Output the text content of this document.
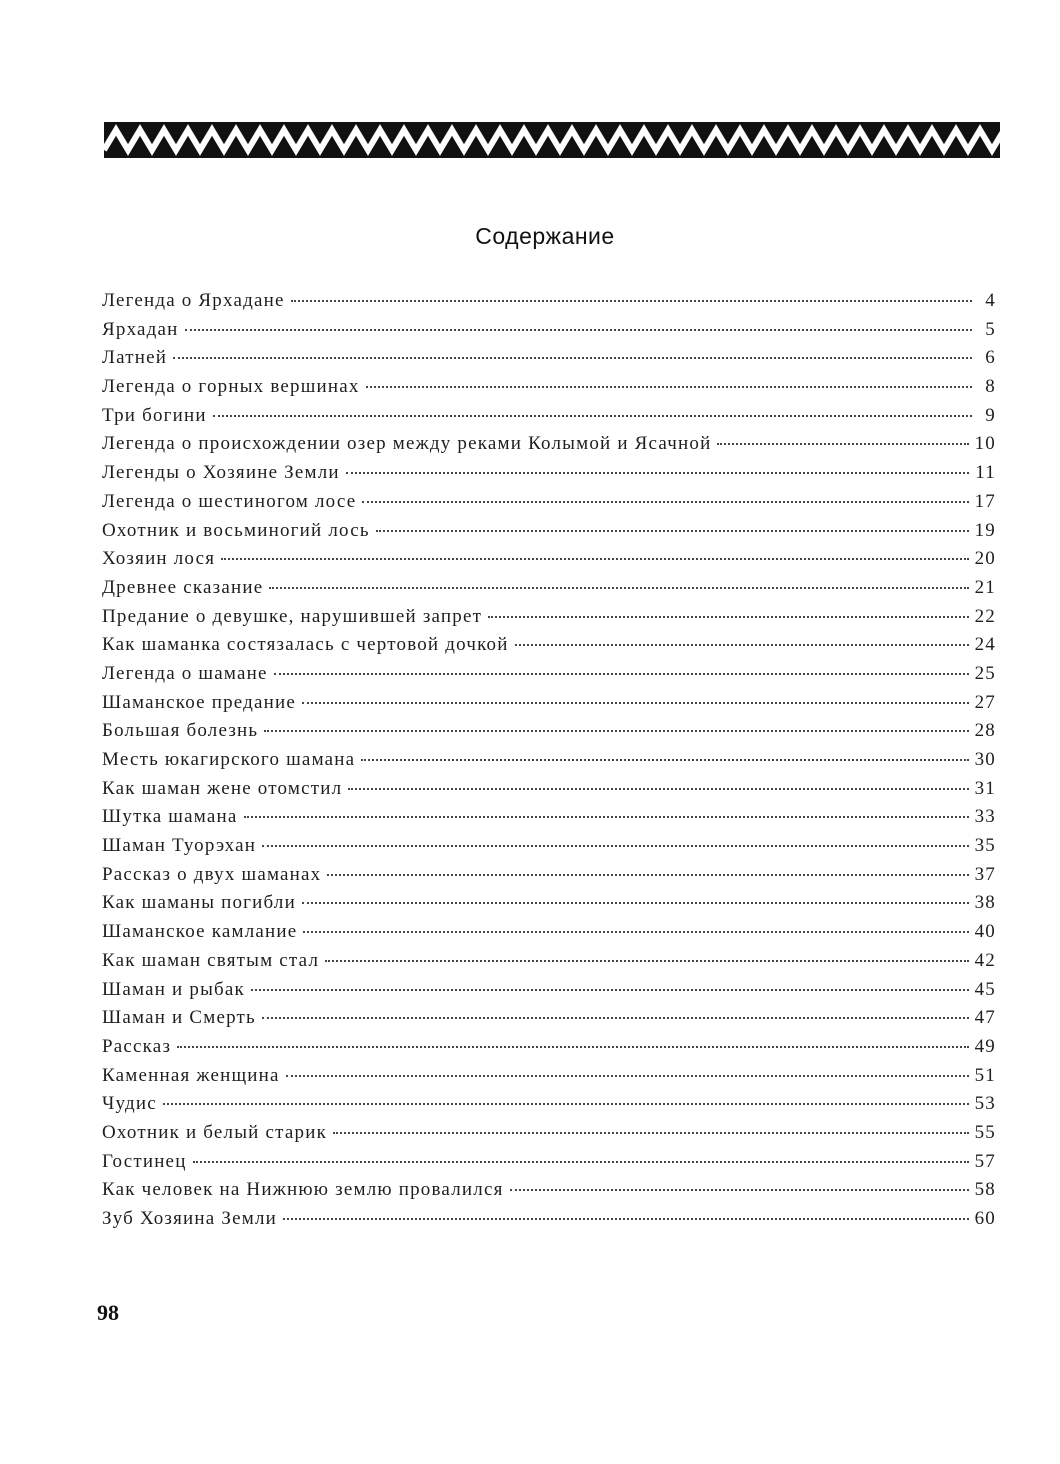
Содержание
Легенда о Ярхадане	4
Ярхадан	5
Латней	6
Легенда о горных вершинах	8
Три богини	9
Легенда о происхождении озер между реками Колымой и Ясачной	10
Легенды о Хозяине Земли	11
Легенда о шестиногом лосе	17
Охотник и восьминогий лось	19
Хозяин лося	20
Древнее сказание	21
Предание о девушке, нарушившей запрет	22
Как шаманка состязалась с чертовой дочкой	24
Легенда о шамане	25
Шаманское предание	27
Большая болезнь	28
Месть юкагирского шамана	30
Как шаман жене отомстил	31
Шутка шамана	33
Шаман Туорэхан	35
Рассказ о двух шаманах	37
Как шаманы погибли	38
Шаманское камлание	40
Как шаман святым стал	42
Шаман и рыбак	45
Шаман и Смерть	47
Рассказ	49
Каменная женщина	51
Чудис	53
Охотник и белый старик	55
Гостинец	57
Как человек на Нижнюю землю провалился	58
Зуб Хозяина Земли	60
98
